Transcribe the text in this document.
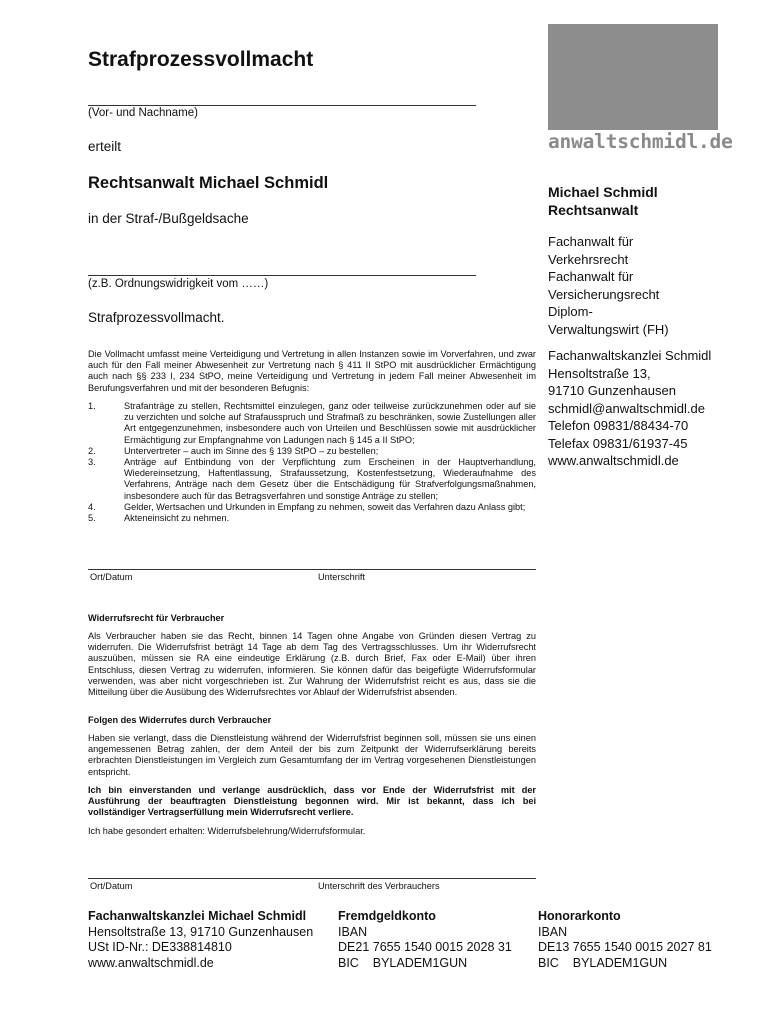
Strafprozessvollmacht
(Vor- und Nachname)
erteilt
Rechtsanwalt Michael Schmidl
in der Straf-/Bußgeldsache
(z.B. Ordnungswidrigkeit vom ……)
Strafprozessvollmacht.
anwaltschmidl.de
Michael Schmidl
Rechtsanwalt
Fachanwalt für
Verkehrsrecht
Fachanwalt für
Versicherungsrecht
Diplom-
Verwaltungswirt (FH)
Fachanwaltskanzlei Schmidl
Hensoltstraße 13,
91710 Gunzenhausen
schmidl@anwaltschmidl.de
Telefon 09831/88434-70
Telefax 09831/61937-45
www.anwaltschmidl.de
Die Vollmacht umfasst meine Verteidigung und Vertretung in allen Instanzen sowie im Vorverfahren, und zwar auch für den Fall meiner Abwesenheit zur Vertretung nach § 411 II StPO mit ausdrücklicher Ermächtigung auch nach §§ 233 I, 234 StPO, meine Verteidigung und Vertretung in jedem Fall meiner Abwesenheit im Berufungsverfahren und mit der besonderen Befugnis:
1.	Strafanträge zu stellen, Rechtsmittel einzulegen, ganz oder teilweise zurückzunehmen oder auf sie zu verzichten und solche auf Strafausspruch und Strafmaß zu beschränken, sowie Zustellungen aller Art entgegenzunehmen, insbesondere auch von Urteilen und Beschlüssen sowie mit ausdrücklicher Ermächtigung zur Empfangnahme von Ladungen nach § 145 a II StPO;
2.	Untervertreter – auch im Sinne des § 139 StPO – zu bestellen;
3.	Anträge auf Entbindung von der Verpflichtung zum Erscheinen in der Hauptverhandlung, Wiedereinsetzung, Haftentlassung, Strafaussetzung, Kostenfestsetzung, Wiederaufnahme des Verfahrens, Anträge nach dem Gesetz über die Entschädigung für Strafverfolgungsmaßnahmen, insbesondere auch für das Betragsverfahren und sonstige Anträge zu stellen;
4.	Gelder, Wertsachen und Urkunden in Empfang zu nehmen, soweit das Verfahren dazu Anlass gibt;
5.	Akteneinsicht zu nehmen.
Ort/Datum	Unterschrift
Widerrufsrecht für Verbraucher
Als Verbraucher haben sie das Recht, binnen 14 Tagen ohne Angabe von Gründen diesen Vertrag zu widerrufen. Die Widerrufsfrist beträgt 14 Tage ab dem Tag des Vertragsschlusses. Um ihr Widerrufsrecht auszuüben, müssen sie RA eine eindeutige Erklärung (z.B. durch Brief, Fax oder E-Mail) über ihren Entschluss, diesen Vertrag zu widerrufen, informieren. Sie können dafür das beigefügte Widerrufsformular verwenden, was aber nicht vorgeschrieben ist. Zur Wahrung der Widerrufsfrist reicht es aus, dass sie die Mitteilung über die Ausübung des Widerrufsrechtes vor Ablauf der Widerrufsfrist absenden.
Folgen des Widerrufes durch Verbraucher
Haben sie verlangt, dass die Dienstleistung während der Widerrufsfrist beginnen soll, müssen sie uns einen angemessenen Betrag zahlen, der dem Anteil der bis zum Zeitpunkt der Widerrufserklärung bereits erbrachten Dienstleistungen im Vergleich zum Gesamtumfang der im Vertrag vorgesehenen Dienstleistungen entspricht.
Ich bin einverstanden und verlange ausdrücklich, dass vor Ende der Widerrufsfrist mit der Ausführung der beauftragten Dienstleistung begonnen wird. Mir ist bekannt, dass ich bei vollständiger Vertragserfüllung mein Widerrufsrecht verliere.
Ich habe gesondert erhalten: Widerrufsbelehrung/Widerrufsformular.
Ort/Datum	Unterschrift des Verbrauchers
Fachanwaltskanzlei Michael Schmidl
Hensoltstraße 13, 91710 Gunzenhausen
USt ID-Nr.: DE338814810
www.anwaltschmidl.de
Fremdgeldkonto
IBAN
DE21 7655 1540 0015 2028 31
BIC    BYLADEM1GUN
Honorarkonto
IBAN
DE13 7655 1540 0015 2027 81
BIC    BYLADEM1GUN
